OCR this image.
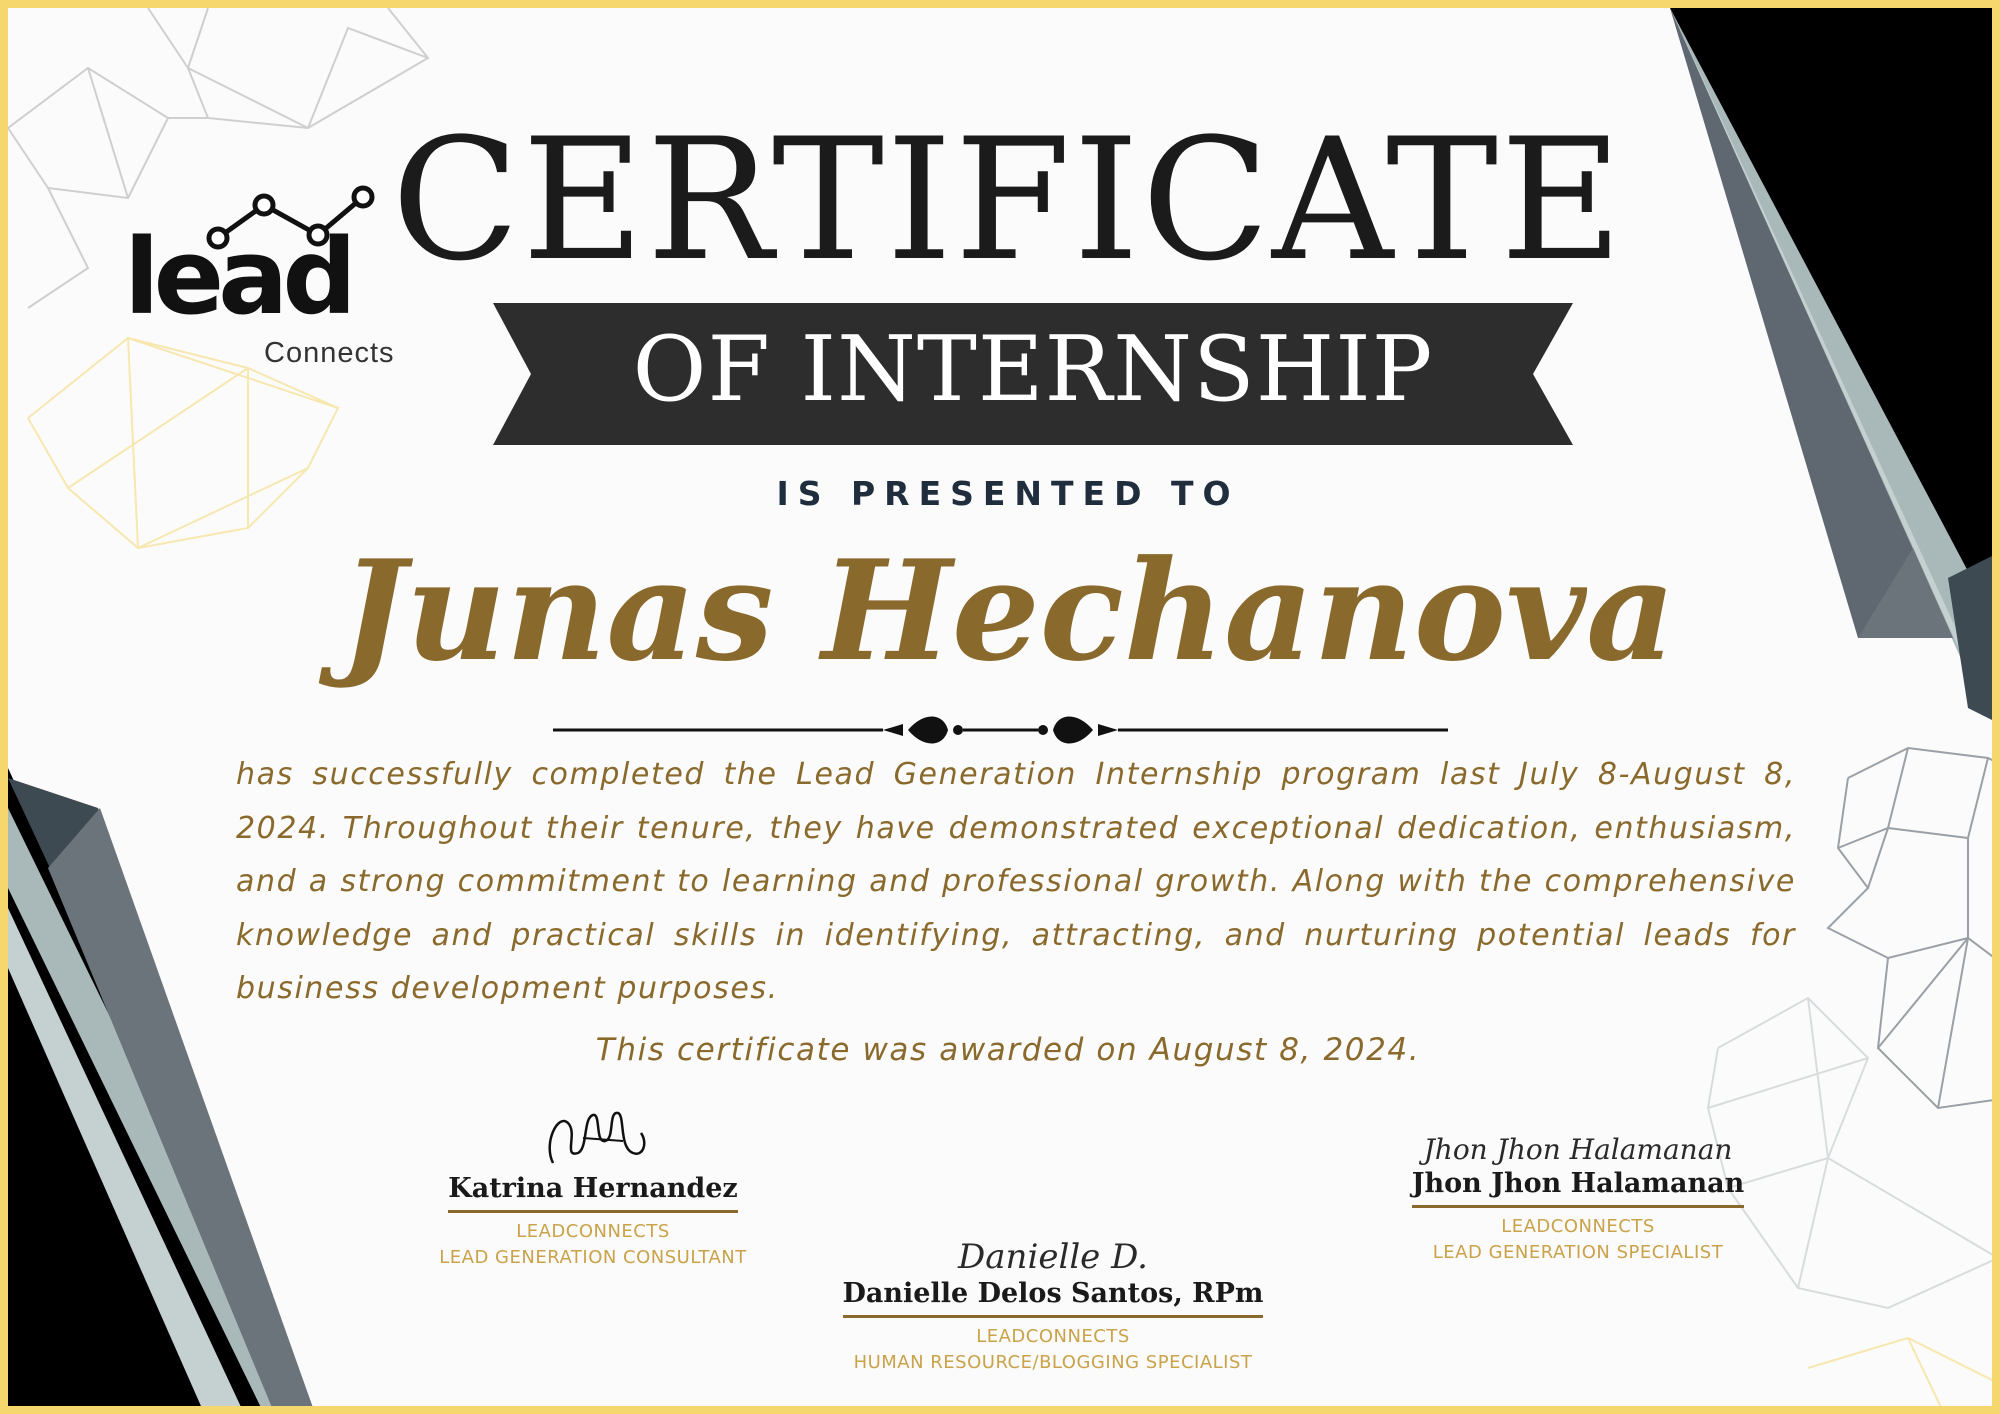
lead
Connects
CERTIFICATE
OF INTERNSHIP
IS PRESENTED TO
Junas Hechanova
has successfully completed the Lead Generation Internship program last July 8-August 8, 2024. Throughout their tenure, they have demonstrated exceptional dedication, enthusiasm, and a strong commitment to learning and professional growth. Along with the comprehensive knowledge and practical skills in identifying, attracting, and nurturing potential leads for business development purposes.
This certificate was awarded on August 8, 2024.
Katrina Hernandez
LEADCONNECTS
LEAD GENERATION CONSULTANT	Danielle D.
Danielle Delos Santos, RPm
LEADCONNECTS
HUMAN RESOURCE/BLOGGING SPECIALIST
Jhon Jhon Halamanan
Jhon Jhon Halamanan
LEADCONNECTS
LEAD GENERATION SPECIALIST
